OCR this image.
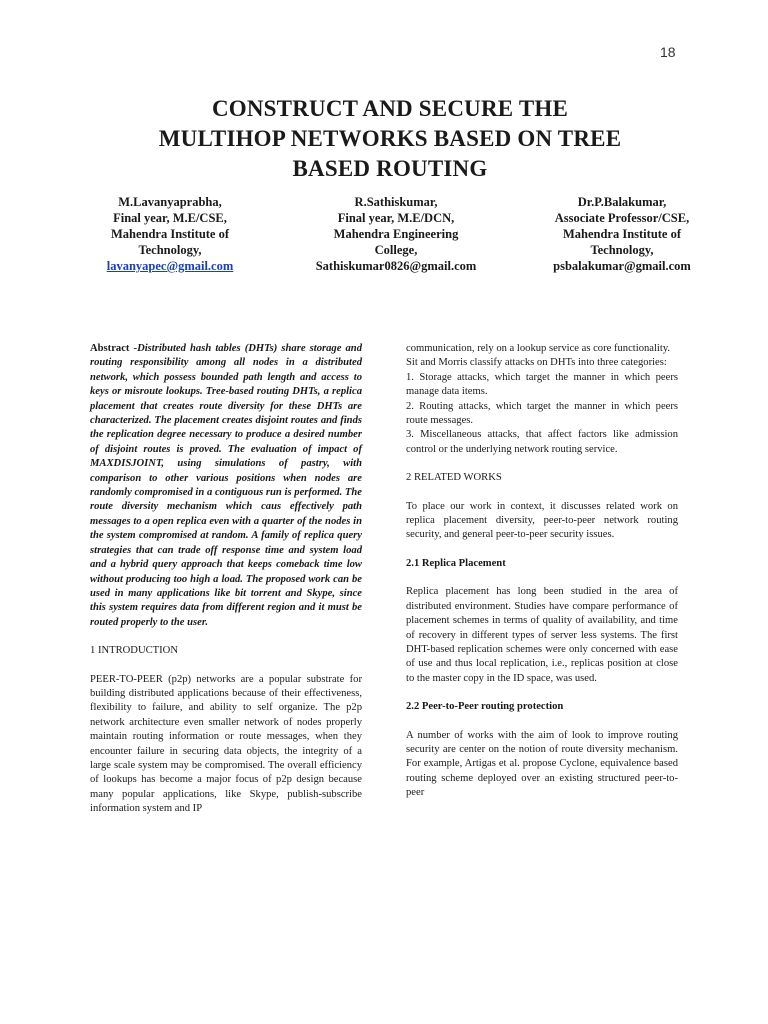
18
CONSTRUCT AND SECURE THE
MULTIHOP NETWORKS BASED ON TREE
BASED ROUTING
M.Lavanyaprabha,
Final year, M.E/CSE,
Mahendra Institute of
Technology,
lavanyapec@gmail.com
R.Sathiskumar,
Final year, M.E/DCN,
Mahendra Engineering
College,
Sathiskumar0826@gmail.com
Dr.P.Balakumar,
Associate Professor/CSE,
Mahendra Institute of
Technology,
psbalakumar@gmail.com

Abstract -Distributed hash tables (DHTs) share storage and routing responsibility among all nodes in a distributed network, which possess bounded path length and access to keys or misroute lookups. Tree-based routing DHTs, a replica placement that creates route diversity for these DHTs are characterized. The placement creates disjoint routes and finds the replication degree necessary to produce a desired number of disjoint routes is proved. The evaluation of impact of MAXDISJOINT, using simulations of pastry, with comparison to other various positions when nodes are randomly compromised in a contiguous run is performed. The route diversity mechanism which caus effectively path messages to a open replica even with a quarter of the nodes in the system compromised at random. A family of replica query strategies that can trade off response time and system load and a hybrid query approach that keeps comeback time low without producing too high a load. The proposed work can be used in many applications like bit torrent and Skype, since this system requires data from different region and it must be routed properly to the user.

1 INTRODUCTION

PEER-TO-PEER (p2p) networks are a popular substrate for building distributed applications because of their effectiveness, flexibility to failure, and ability to self organize. The p2p network architecture even smaller network of nodes properly maintain routing information or route messages, when they encounter failure in securing data objects, the integrity of a large scale system may be compromised. The overall efficiency of lookups has become a major focus of p2p design because many popular applications, like Skype, publish-subscribe information system and IP

communication, rely on a lookup service as core functionality.

Sit and Morris classify attacks on DHTs into three categories:

1. Storage attacks, which target the manner in which peers manage data items.

2. Routing attacks, which target the manner in which peers route messages.

3. Miscellaneous attacks, that affect factors like admission control or the underlying network routing service.

2 RELATED WORKS

To place our work in context, it discusses related work on replica placement diversity, peer-to-peer network routing security, and general peer-to-peer security issues.

2.1 Replica Placement

Replica placement has long been studied in the area of distributed environment. Studies have compare performance of placement schemes in terms of quality of availability, and time of recovery in different types of server less systems. The first DHT-based replication schemes were only concerned with ease of use and thus local replication, i.e., replicas position at close to the master copy in the ID space, was used.

2.2 Peer-to-Peer routing protection

A number of works with the aim of look to improve routing security are center on the notion of route diversity mechanism. For example, Artigas et al. propose Cyclone, equivalence based routing scheme deployed over an existing structured peer-to-peer
